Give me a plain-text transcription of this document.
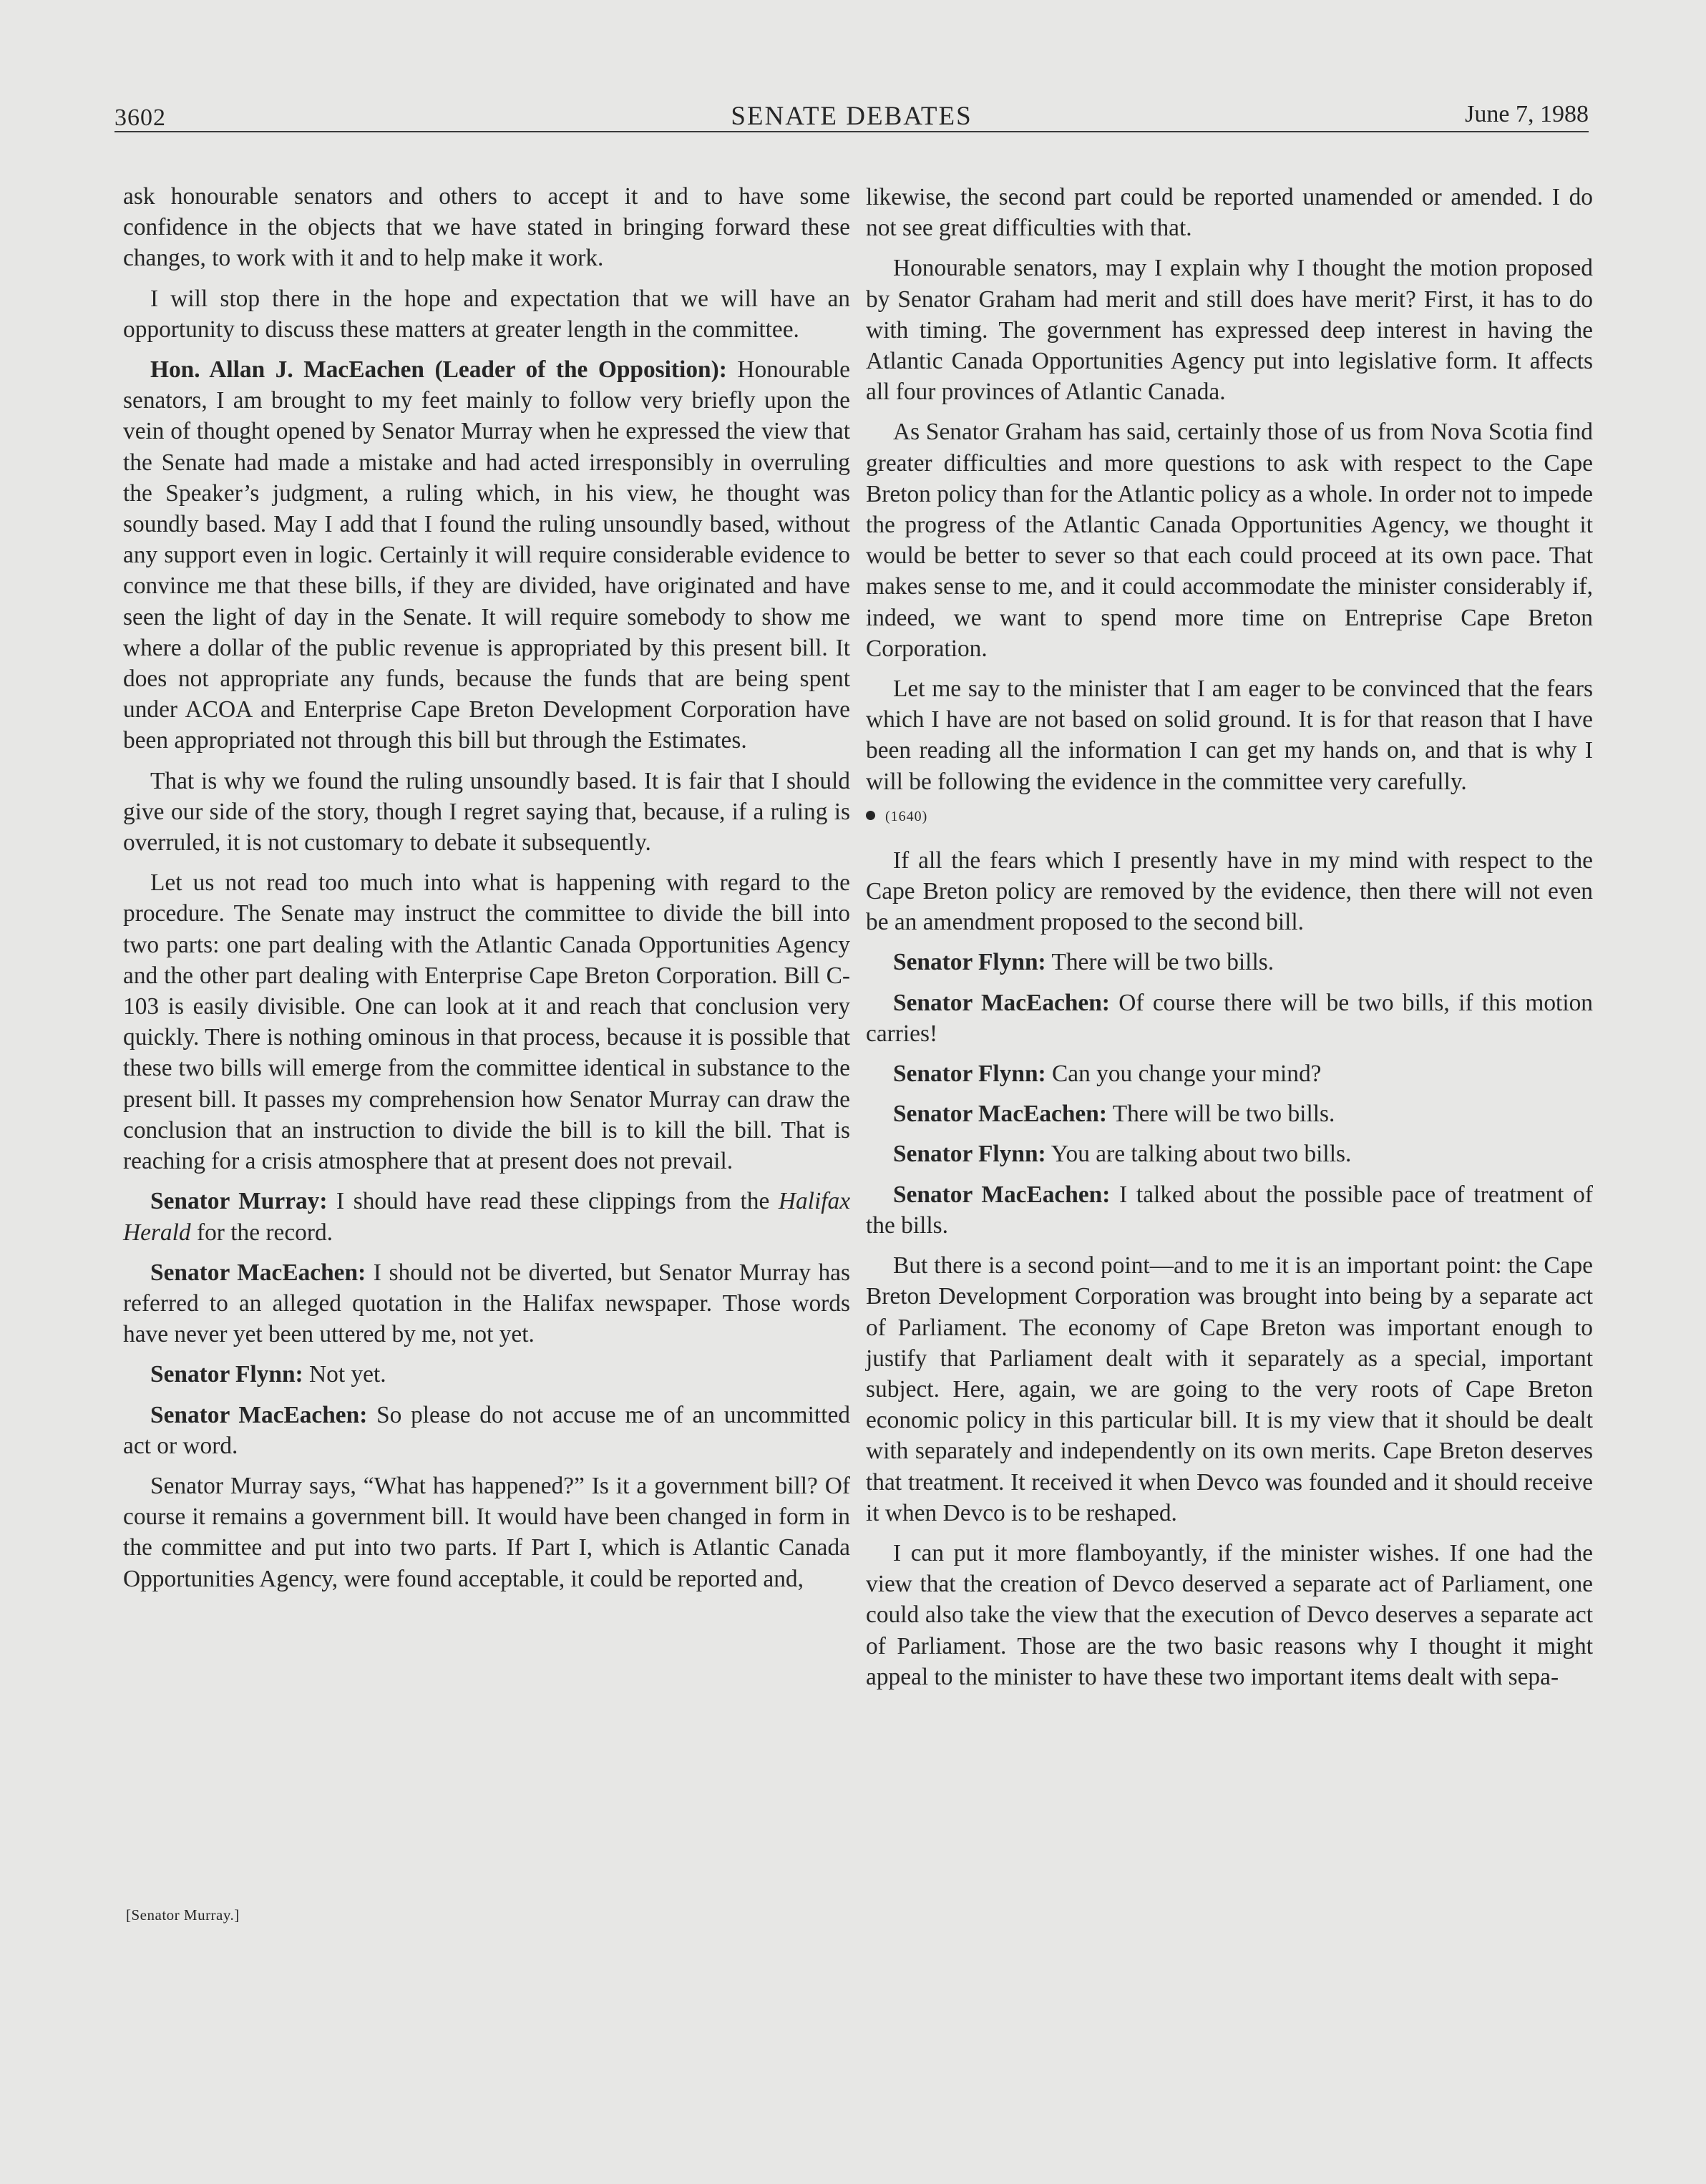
3602	SENATE DEBATES	June 7, 1988

ask honourable senators and others to accept it and to have some confidence in the objects that we have stated in bringing forward these changes, to work with it and to help make it work.

I will stop there in the hope and expectation that we will have an opportunity to discuss these matters at greater length in the committee.

Hon. Allan J. MacEachen (Leader of the Opposition): Honourable senators, I am brought to my feet mainly to follow very briefly upon the vein of thought opened by Senator Murray when he expressed the view that the Senate had made a mistake and had acted irresponsibly in overruling the Speaker’s judgment, a ruling which, in his view, he thought was soundly based. May I add that I found the ruling unsoundly based, without any support even in logic. Certainly it will require considerable evidence to convince me that these bills, if they are divided, have originated and have seen the light of day in the Senate. It will require somebody to show me where a dollar of the public revenue is appropriated by this present bill. It does not appropriate any funds, because the funds that are being spent under ACOA and Enterprise Cape Breton Development Corporation have been appropriated not through this bill but through the Estimates.

That is why we found the ruling unsoundly based. It is fair that I should give our side of the story, though I regret saying that, because, if a ruling is overruled, it is not customary to debate it subsequently.

Let us not read too much into what is happening with regard to the procedure. The Senate may instruct the committee to divide the bill into two parts: one part dealing with the Atlantic Canada Opportunities Agency and the other part dealing with Enterprise Cape Breton Corporation. Bill C-103 is easily divisible. One can look at it and reach that conclusion very quickly. There is nothing ominous in that process, because it is possible that these two bills will emerge from the committee identical in substance to the present bill. It passes my comprehension how Senator Murray can draw the conclusion that an instruction to divide the bill is to kill the bill. That is reaching for a crisis atmosphere that at present does not prevail.

Senator Murray: I should have read these clippings from the Halifax Herald for the record.

Senator MacEachen: I should not be diverted, but Senator Murray has referred to an alleged quotation in the Halifax newspaper. Those words have never yet been uttered by me, not yet.

Senator Flynn: Not yet.

Senator MacEachen: So please do not accuse me of an uncommitted act or word.

Senator Murray says, “What has happened?” Is it a government bill? Of course it remains a government bill. It would have been changed in form in the committee and put into two parts. If Part I, which is Atlantic Canada Opportunities Agency, were found acceptable, it could be reported and,

[Senator Murray.]

likewise, the second part could be reported unamended or amended. I do not see great difficulties with that.

Honourable senators, may I explain why I thought the motion proposed by Senator Graham had merit and still does have merit? First, it has to do with timing. The government has expressed deep interest in having the Atlantic Canada Opportunities Agency put into legislative form. It affects all four provinces of Atlantic Canada.

As Senator Graham has said, certainly those of us from Nova Scotia find greater difficulties and more questions to ask with respect to the Cape Breton policy than for the Atlantic policy as a whole. In order not to impede the progress of the Atlantic Canada Opportunities Agency, we thought it would be better to sever so that each could proceed at its own pace. That makes sense to me, and it could accommodate the minister considerably if, indeed, we want to spend more time on Entreprise Cape Breton Corporation.

Let me say to the minister that I am eager to be convinced that the fears which I have are not based on solid ground. It is for that reason that I have been reading all the information I can get my hands on, and that is why I will be following the evidence in the committee very carefully.

(1640)

If all the fears which I presently have in my mind with respect to the Cape Breton policy are removed by the evidence, then there will not even be an amendment proposed to the second bill.

Senator Flynn: There will be two bills.

Senator MacEachen: Of course there will be two bills, if this motion carries!

Senator Flynn: Can you change your mind?

Senator MacEachen: There will be two bills.

Senator Flynn: You are talking about two bills.

Senator MacEachen: I talked about the possible pace of treatment of the bills.

But there is a second point—and to me it is an important point: the Cape Breton Development Corporation was brought into being by a separate act of Parliament. The economy of Cape Breton was important enough to justify that Parliament dealt with it separately as a special, important subject. Here, again, we are going to the very roots of Cape Breton economic policy in this particular bill. It is my view that it should be dealt with separately and independently on its own merits. Cape Breton deserves that treatment. It received it when Devco was founded and it should receive it when Devco is to be reshaped.

I can put it more flamboyantly, if the minister wishes. If one had the view that the creation of Devco deserved a separate act of Parliament, one could also take the view that the execution of Devco deserves a separate act of Parliament. Those are the two basic reasons why I thought it might appeal to the minister to have these two important items dealt with sepa-
